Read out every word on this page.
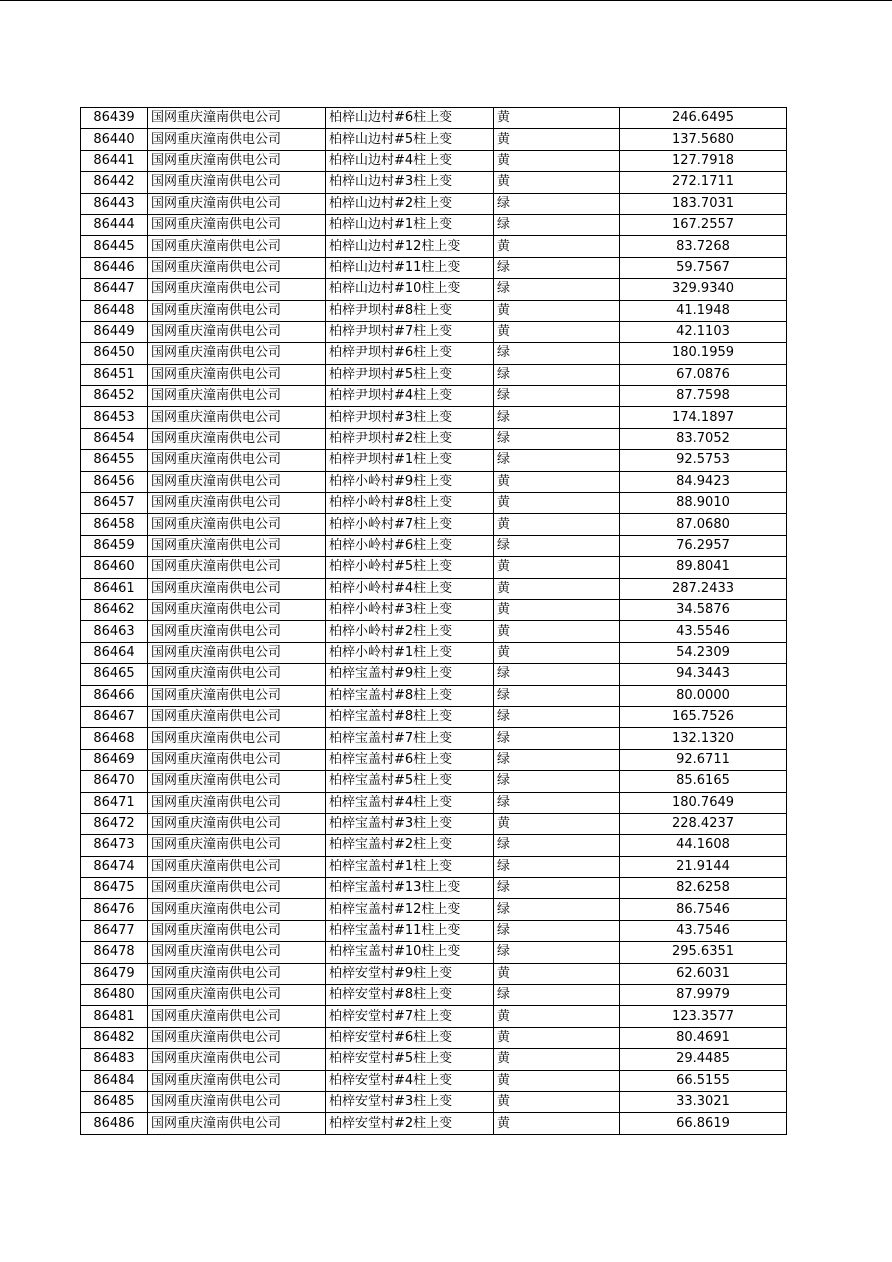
86439	国网重庆潼南供电公司	柏梓山边村#6柱上变	黄	246.6495
86440	国网重庆潼南供电公司	柏梓山边村#5柱上变	黄	137.5680
86441	国网重庆潼南供电公司	柏梓山边村#4柱上变	黄	127.7918
86442	国网重庆潼南供电公司	柏梓山边村#3柱上变	黄	272.1711
86443	国网重庆潼南供电公司	柏梓山边村#2柱上变	绿	183.7031
86444	国网重庆潼南供电公司	柏梓山边村#1柱上变	绿	167.2557
86445	国网重庆潼南供电公司	柏梓山边村#12柱上变	黄	83.7268
86446	国网重庆潼南供电公司	柏梓山边村#11柱上变	绿	59.7567
86447	国网重庆潼南供电公司	柏梓山边村#10柱上变	绿	329.9340
86448	国网重庆潼南供电公司	柏梓尹坝村#8柱上变	黄	41.1948
86449	国网重庆潼南供电公司	柏梓尹坝村#7柱上变	黄	42.1103
86450	国网重庆潼南供电公司	柏梓尹坝村#6柱上变	绿	180.1959
86451	国网重庆潼南供电公司	柏梓尹坝村#5柱上变	绿	67.0876
86452	国网重庆潼南供电公司	柏梓尹坝村#4柱上变	绿	87.7598
86453	国网重庆潼南供电公司	柏梓尹坝村#3柱上变	绿	174.1897
86454	国网重庆潼南供电公司	柏梓尹坝村#2柱上变	绿	83.7052
86455	国网重庆潼南供电公司	柏梓尹坝村#1柱上变	绿	92.5753
86456	国网重庆潼南供电公司	柏梓小岭村#9柱上变	黄	84.9423
86457	国网重庆潼南供电公司	柏梓小岭村#8柱上变	黄	88.9010
86458	国网重庆潼南供电公司	柏梓小岭村#7柱上变	黄	87.0680
86459	国网重庆潼南供电公司	柏梓小岭村#6柱上变	绿	76.2957
86460	国网重庆潼南供电公司	柏梓小岭村#5柱上变	黄	89.8041
86461	国网重庆潼南供电公司	柏梓小岭村#4柱上变	黄	287.2433
86462	国网重庆潼南供电公司	柏梓小岭村#3柱上变	黄	34.5876
86463	国网重庆潼南供电公司	柏梓小岭村#2柱上变	黄	43.5546
86464	国网重庆潼南供电公司	柏梓小岭村#1柱上变	黄	54.2309
86465	国网重庆潼南供电公司	柏梓宝盖村#9柱上变	绿	94.3443
86466	国网重庆潼南供电公司	柏梓宝盖村#8柱上变	绿	80.0000
86467	国网重庆潼南供电公司	柏梓宝盖村#8柱上变	绿	165.7526
86468	国网重庆潼南供电公司	柏梓宝盖村#7柱上变	绿	132.1320
86469	国网重庆潼南供电公司	柏梓宝盖村#6柱上变	绿	92.6711
86470	国网重庆潼南供电公司	柏梓宝盖村#5柱上变	绿	85.6165
86471	国网重庆潼南供电公司	柏梓宝盖村#4柱上变	绿	180.7649
86472	国网重庆潼南供电公司	柏梓宝盖村#3柱上变	黄	228.4237
86473	国网重庆潼南供电公司	柏梓宝盖村#2柱上变	绿	44.1608
86474	国网重庆潼南供电公司	柏梓宝盖村#1柱上变	绿	21.9144
86475	国网重庆潼南供电公司	柏梓宝盖村#13柱上变	绿	82.6258
86476	国网重庆潼南供电公司	柏梓宝盖村#12柱上变	绿	86.7546
86477	国网重庆潼南供电公司	柏梓宝盖村#11柱上变	绿	43.7546
86478	国网重庆潼南供电公司	柏梓宝盖村#10柱上变	绿	295.6351
86479	国网重庆潼南供电公司	柏梓安堂村#9柱上变	黄	62.6031
86480	国网重庆潼南供电公司	柏梓安堂村#8柱上变	绿	87.9979
86481	国网重庆潼南供电公司	柏梓安堂村#7柱上变	黄	123.3577
86482	国网重庆潼南供电公司	柏梓安堂村#6柱上变	黄	80.4691
86483	国网重庆潼南供电公司	柏梓安堂村#5柱上变	黄	29.4485
86484	国网重庆潼南供电公司	柏梓安堂村#4柱上变	黄	66.5155
86485	国网重庆潼南供电公司	柏梓安堂村#3柱上变	黄	33.3021
86486	国网重庆潼南供电公司	柏梓安堂村#2柱上变	黄	66.8619
